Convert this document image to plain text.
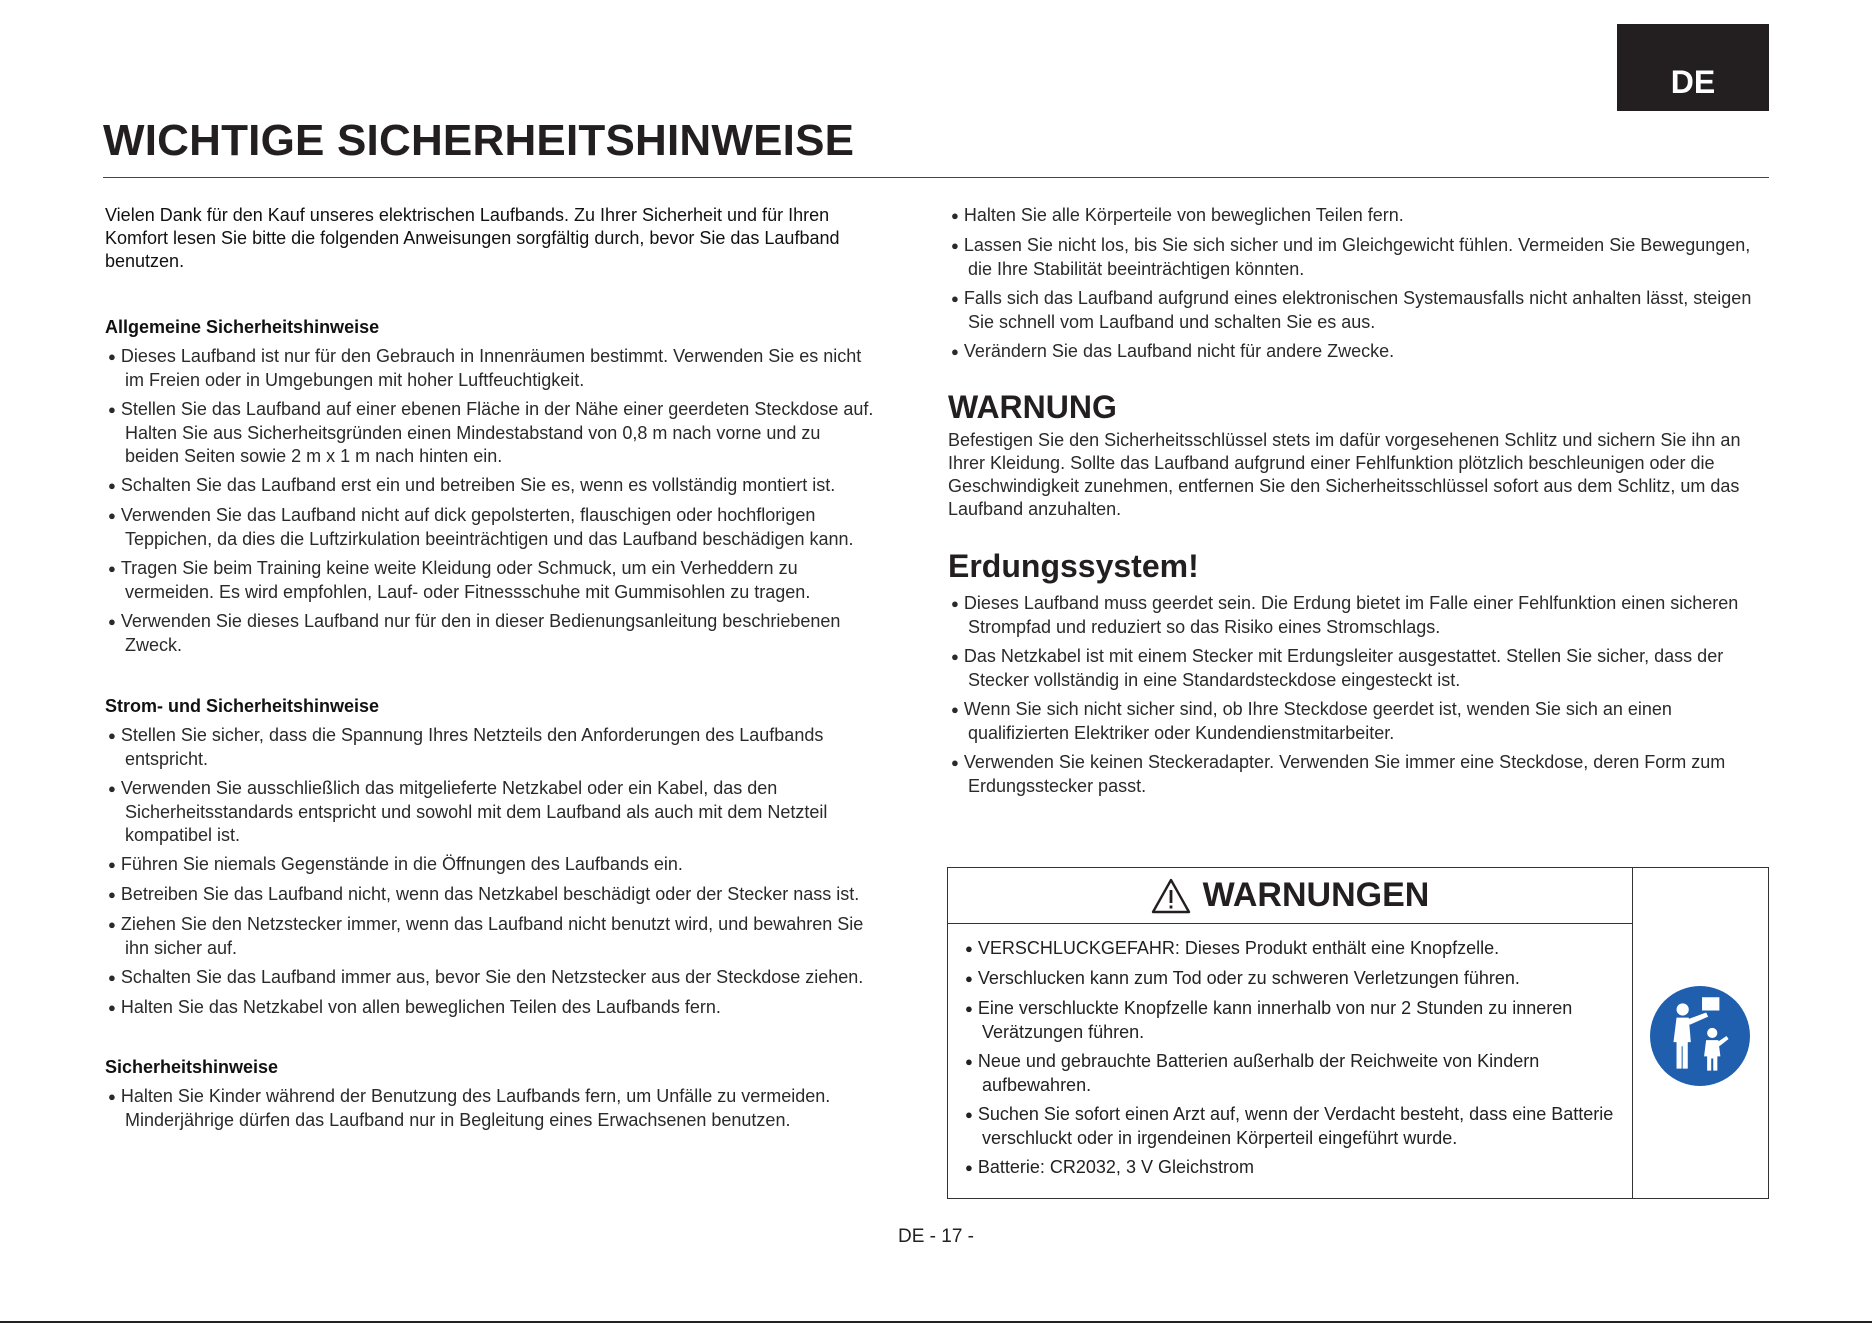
DE
WICHTIGE SICHERHEITSHINWEISE

Vielen Dank für den Kauf unseres elektrischen Laufbands. Zu Ihrer Sicherheit und für Ihren Komfort lesen Sie bitte die folgenden Anweisungen sorgfältig durch, bevor Sie das Laufband benutzen.

Allgemeine Sicherheitshinweise

● Dieses Laufband ist nur für den Gebrauch in Innenräumen bestimmt. Verwenden Sie es nicht im Freien oder in Umgebungen mit hoher Luftfeuchtigkeit.
● Stellen Sie das Laufband auf einer ebenen Fläche in der Nähe einer geerdeten Steckdose auf. Halten Sie aus Sicherheitsgründen einen Mindestabstand von 0,8 m nach vorne und zu beiden Seiten sowie 2 m x 1 m nach hinten ein.
● Schalten Sie das Laufband erst ein und betreiben Sie es, wenn es vollständig montiert ist.
● Verwenden Sie das Laufband nicht auf dick gepolsterten, flauschigen oder hochflorigen Teppichen, da dies die Luftzirkulation beeinträchtigen und das Laufband beschädigen kann.
● Tragen Sie beim Training keine weite Kleidung oder Schmuck, um ein Verheddern zu vermeiden. Es wird empfohlen, Lauf- oder Fitnessschuhe mit Gummisohlen zu tragen.
● Verwenden Sie dieses Laufband nur für den in dieser Bedienungsanleitung beschriebenen Zweck.

Strom- und Sicherheitshinweise

● Stellen Sie sicher, dass die Spannung Ihres Netzteils den Anforderungen des Laufbands entspricht.
● Verwenden Sie ausschließlich das mitgelieferte Netzkabel oder ein Kabel, das den Sicherheitsstandards entspricht und sowohl mit dem Laufband als auch mit dem Netzteil kompatibel ist.
● Führen Sie niemals Gegenstände in die Öffnungen des Laufbands ein.
● Betreiben Sie das Laufband nicht, wenn das Netzkabel beschädigt oder der Stecker nass ist.
● Ziehen Sie den Netzstecker immer, wenn das Laufband nicht benutzt wird, und bewahren Sie ihn sicher auf.
● Schalten Sie das Laufband immer aus, bevor Sie den Netzstecker aus der Steckdose ziehen.
● Halten Sie das Netzkabel von allen beweglichen Teilen des Laufbands fern.

Sicherheitshinweise

● Halten Sie Kinder während der Benutzung des Laufbands fern, um Unfälle zu vermeiden. Minderjährige dürfen das Laufband nur in Begleitung eines Erwachsenen benutzen.
● Halten Sie alle Körperteile von beweglichen Teilen fern.
● Lassen Sie nicht los, bis Sie sich sicher und im Gleichgewicht fühlen. Vermeiden Sie Bewegungen, die Ihre Stabilität beeinträchtigen könnten.
● Falls sich das Laufband aufgrund eines elektronischen Systemausfalls nicht anhalten lässt, steigen Sie schnell vom Laufband und schalten Sie es aus.
● Verändern Sie das Laufband nicht für andere Zwecke.

WARNUNG

Befestigen Sie den Sicherheitsschlüssel stets im dafür vorgesehenen Schlitz und sichern Sie ihn an Ihrer Kleidung. Sollte das Laufband aufgrund einer Fehlfunktion plötzlich beschleunigen oder die Geschwindigkeit zunehmen, entfernen Sie den Sicherheitsschlüssel sofort aus dem Schlitz, um das Laufband anzuhalten.

Erdungssystem!

● Dieses Laufband muss geerdet sein. Die Erdung bietet im Falle einer Fehlfunktion einen sicheren Strompfad und reduziert so das Risiko eines Stromschlags.
● Das Netzkabel ist mit einem Stecker mit Erdungsleiter ausgestattet. Stellen Sie sicher, dass der Stecker vollständig in eine Standardsteckdose eingesteckt ist.
● Wenn Sie sich nicht sicher sind, ob Ihre Steckdose geerdet ist, wenden Sie sich an einen qualifizierten Elektriker oder Kundendienstmitarbeiter.
● Verwenden Sie keinen Steckeradapter. Verwenden Sie immer eine Steckdose, deren Form zum Erdungsstecker passt.
WARNUNGEN
● VERSCHLUCKGEFAHR: Dieses Produkt enthält eine Knopfzelle.
● Verschlucken kann zum Tod oder zu schweren Verletzungen führen.
● Eine verschluckte Knopfzelle kann innerhalb von nur 2 Stunden zu inneren Verätzungen führen.
● Neue und gebrauchte Batterien außerhalb der Reichweite von Kindern aufbewahren.
● Suchen Sie sofort einen Arzt auf, wenn der Verdacht besteht, dass eine Batterie verschluckt oder in irgendeinen Körperteil eingeführt wurde.
● Batterie: CR2032, 3 V Gleichstrom
DE - 17 -
